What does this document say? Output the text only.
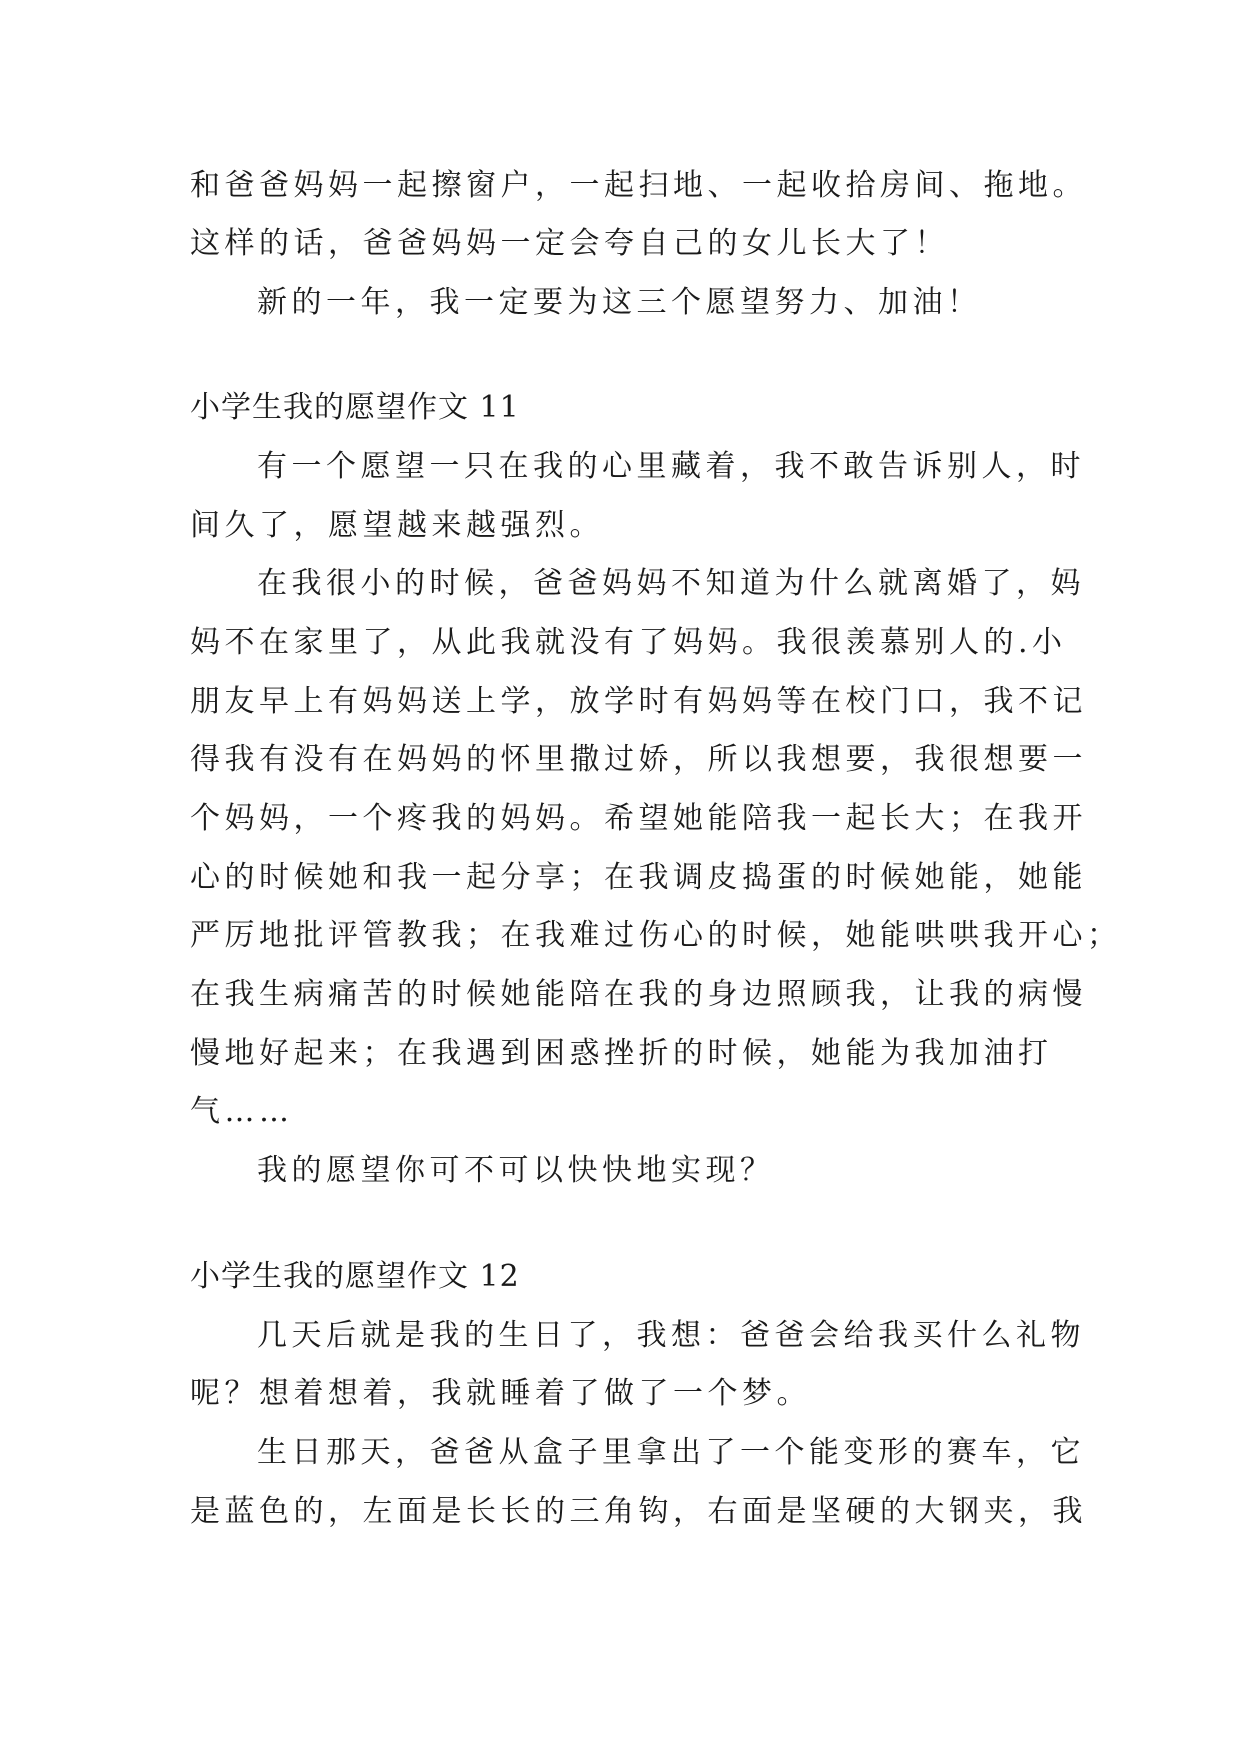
和爸爸妈妈一起擦窗户，一起扫地、一起收拾房间、拖地。
这样的话，爸爸妈妈一定会夸自己的女儿长大了！
新的一年，我一定要为这三个愿望努力、加油！
小学生我的愿望作文 11
有一个愿望一只在我的心里藏着，我不敢告诉别人，时
间久了，愿望越来越强烈。
在我很小的时候，爸爸妈妈不知道为什么就离婚了，妈
妈不在家里了，从此我就没有了妈妈。我很羡慕别人的.小
朋友早上有妈妈送上学，放学时有妈妈等在校门口，我不记
得我有没有在妈妈的怀里撒过娇，所以我想要，我很想要一
个妈妈，一个疼我的妈妈。希望她能陪我一起长大；在我开
心的时候她和我一起分享；在我调皮捣蛋的时候她能，她能
严厉地批评管教我；在我难过伤心的时候，她能哄哄我开心；
在我生病痛苦的时候她能陪在我的身边照顾我，让我的病慢
慢地好起来；在我遇到困惑挫折的时候，她能为我加油打
气……
我的愿望你可不可以快快地实现？
小学生我的愿望作文 12
几天后就是我的生日了，我想：爸爸会给我买什么礼物
呢？想着想着，我就睡着了做了一个梦。
生日那天，爸爸从盒子里拿出了一个能变形的赛车，它
是蓝色的，左面是长长的三角钩，右面是坚硬的大钢夹，我
